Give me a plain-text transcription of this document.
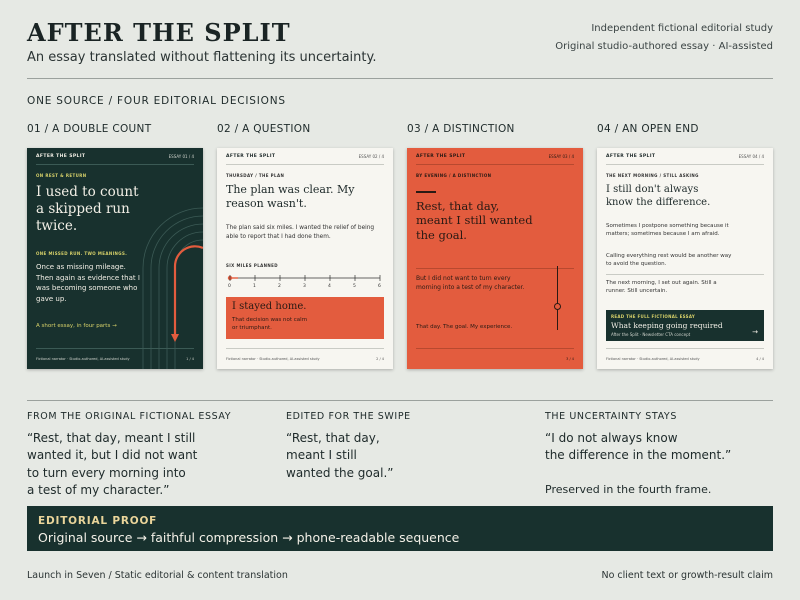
AFTER THE SPLIT
An essay translated without flattening its uncertainty.
Independent fictional editorial study
Original studio-authored essay · AI-assisted
ONE SOURCE / FOUR EDITORIAL DECISIONS
01 / A DOUBLE COUNT	02 / A QUESTION	03 / A DISTINCTION	04 / AN OPEN END
AFTER THE SPLIT	ESSAY 01 / 4
ON REST & RETURN
I used to count a skipped run twice.
ONE MISSED RUN. TWO MEANINGS.
Once as missing mileage. Then again as evidence that I was becoming someone who gave up.
A short essay, in four parts →
Fictional narrator · Studio-authored, AI-assisted study	1 / 4
AFTER THE SPLIT	ESSAY 02 / 4
THURSDAY / THE PLAN
The plan was clear. My reason wasn't.
The plan said six miles. I wanted the relief of being able to report that I had done them.
SIX MILES PLANNED
0	1	2	3	4	5	6
I stayed home.
That decision was not calm or triumphant.
Fictional narrator · Studio-authored, AI-assisted study	2 / 4
AFTER THE SPLIT	ESSAY 03 / 4
BY EVENING / A DISTINCTION
Rest, that day, meant I still wanted the goal.
But I did not want to turn every morning into a test of my character.
That day. The goal. My experience.
3 / 4
AFTER THE SPLIT	ESSAY 04 / 4
THE NEXT MORNING / STILL ASKING
I still don't always know the difference.
Sometimes I postpone something because it matters; sometimes because I am afraid.
Calling everything rest would be another way to avoid the question.
The next morning, I set out again. Still a runner. Still uncertain.
READ THE FULL FICTIONAL ESSAY
What keeping going required
After the Split · Newsletter CTA concept	→
Fictional narrator · Studio-authored, AI-assisted study	4 / 4
FROM THE ORIGINAL FICTIONAL ESSAY
“Rest, that day, meant I still
wanted it, but I did not want
to turn every morning into
a test of my character.”
EDITED FOR THE SWIPE
“Rest, that day,
meant I still
wanted the goal.”
THE UNCERTAINTY STAYS
“I do not always know
the difference in the moment.”
Preserved in the fourth frame.
EDITORIAL PROOF
Original source → faithful compression → phone-readable sequence
Launch in Seven / Static editorial & content translation	No client text or growth-result claim
